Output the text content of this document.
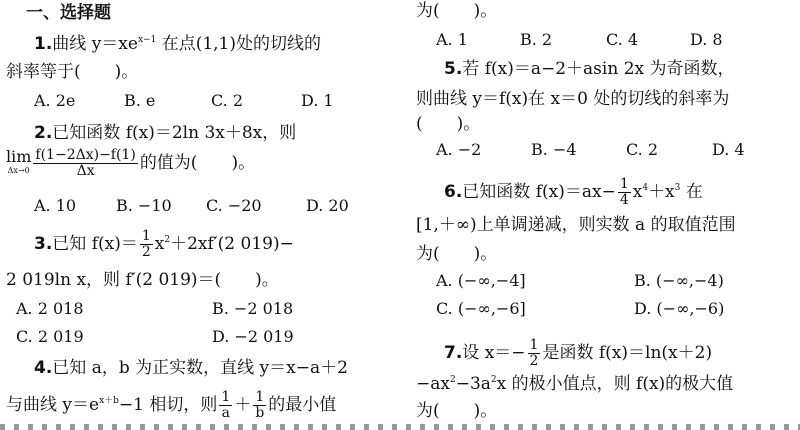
一、选择题
1.曲线 $y=xe^{x-1}$ 在点(1,1)处的切线的
斜率等于(　　)。
A. 2e	B. e	C. 2	D. 1
2.已知函数 f(x)＝2ln 3x＋8x，则
lim
$\Delta x\to 0 \frac{f(1-2\Delta x)-f(1)}{\Delta x}$ 的值为(　　)。
A. 10 B. −10 C. −20	D. 20
3.已知 $f(x)= \frac{1}{2} x^2+2xf'(2$ 019)−
2 019ln x，则 f′(2 019)＝(　　)。
A. 2 018	B. −2 018
C. 2 019	D. −2 019
4.已知 a，b 为正实数，直线 y＝x−a＋2
与曲线 $y=e^{x+b}-1$ 相切，则 $\frac{1}{a} + \frac{1}{b}$ 的最小值
为(　　)。
A. 1	B. 2	C. 4	D. 8
5.若 f(x)＝a−2＋asin 2x 为奇函数，
则曲线 y＝f(x)在 x＝0 处的切线的斜率为
(　　)。
A. −2	B. −4	C. 2	D. 4
6.已知函数 $f(x)=ax- \frac{1}{4} x^4+x^3$ 在
[1,＋∞)上单调递减，则实数 a 的取值范围
为(　　)。
A. (−∞,−4]	B. (−∞,−4)
C. (−∞,−6]	D. (−∞,−6)
7.设 $x=- \frac{1}{2}$ 是函数 f(x)＝ln(x＋2)
$-ax^2-3a^2x$ 的极小值点，则 f(x)的极大值
为(　　)。
